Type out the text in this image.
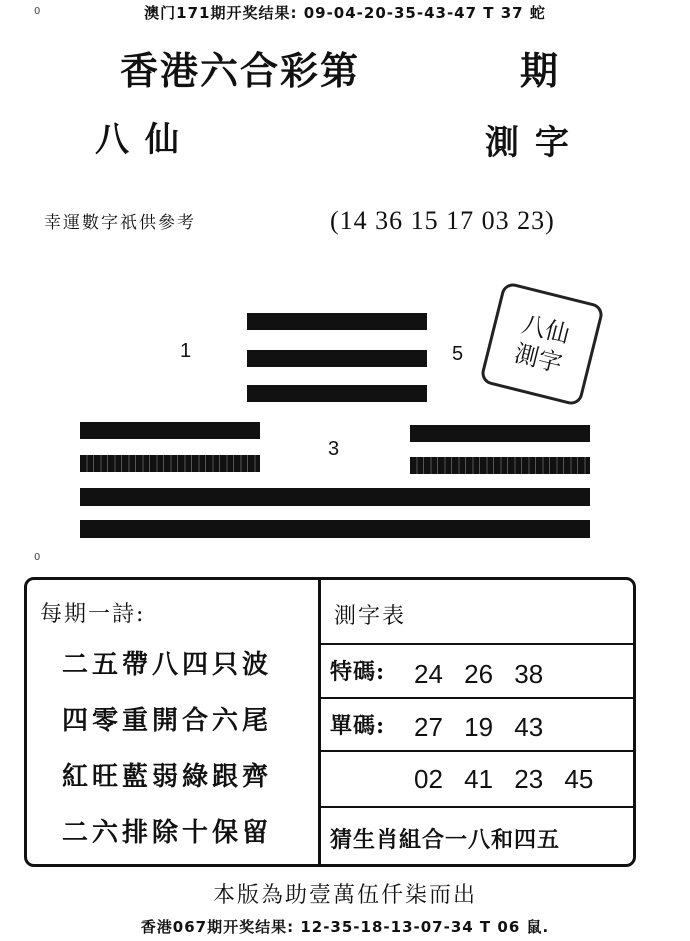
0	澳门171期开奖结果: 09-04-20-35-43-47 T 37 蛇
香港六合彩第	期
八 仙	測 字
幸運數字祇供參考	(14 36 15 17 03 23)
1	5
3
八仙
測字
0
每期一詩:
二五帶八四只波
四零重開合六尾
紅旺藍弱綠跟齊
二六排除十保留
測字表
特碼: 24 26 38
單碼: 27 19 43
02 41 23 45
猜生肖組合一八和四五
本版為助壹萬伍仟柒而出
香港067期开奖结果: 12-35-18-13-07-34 T 06 鼠.
